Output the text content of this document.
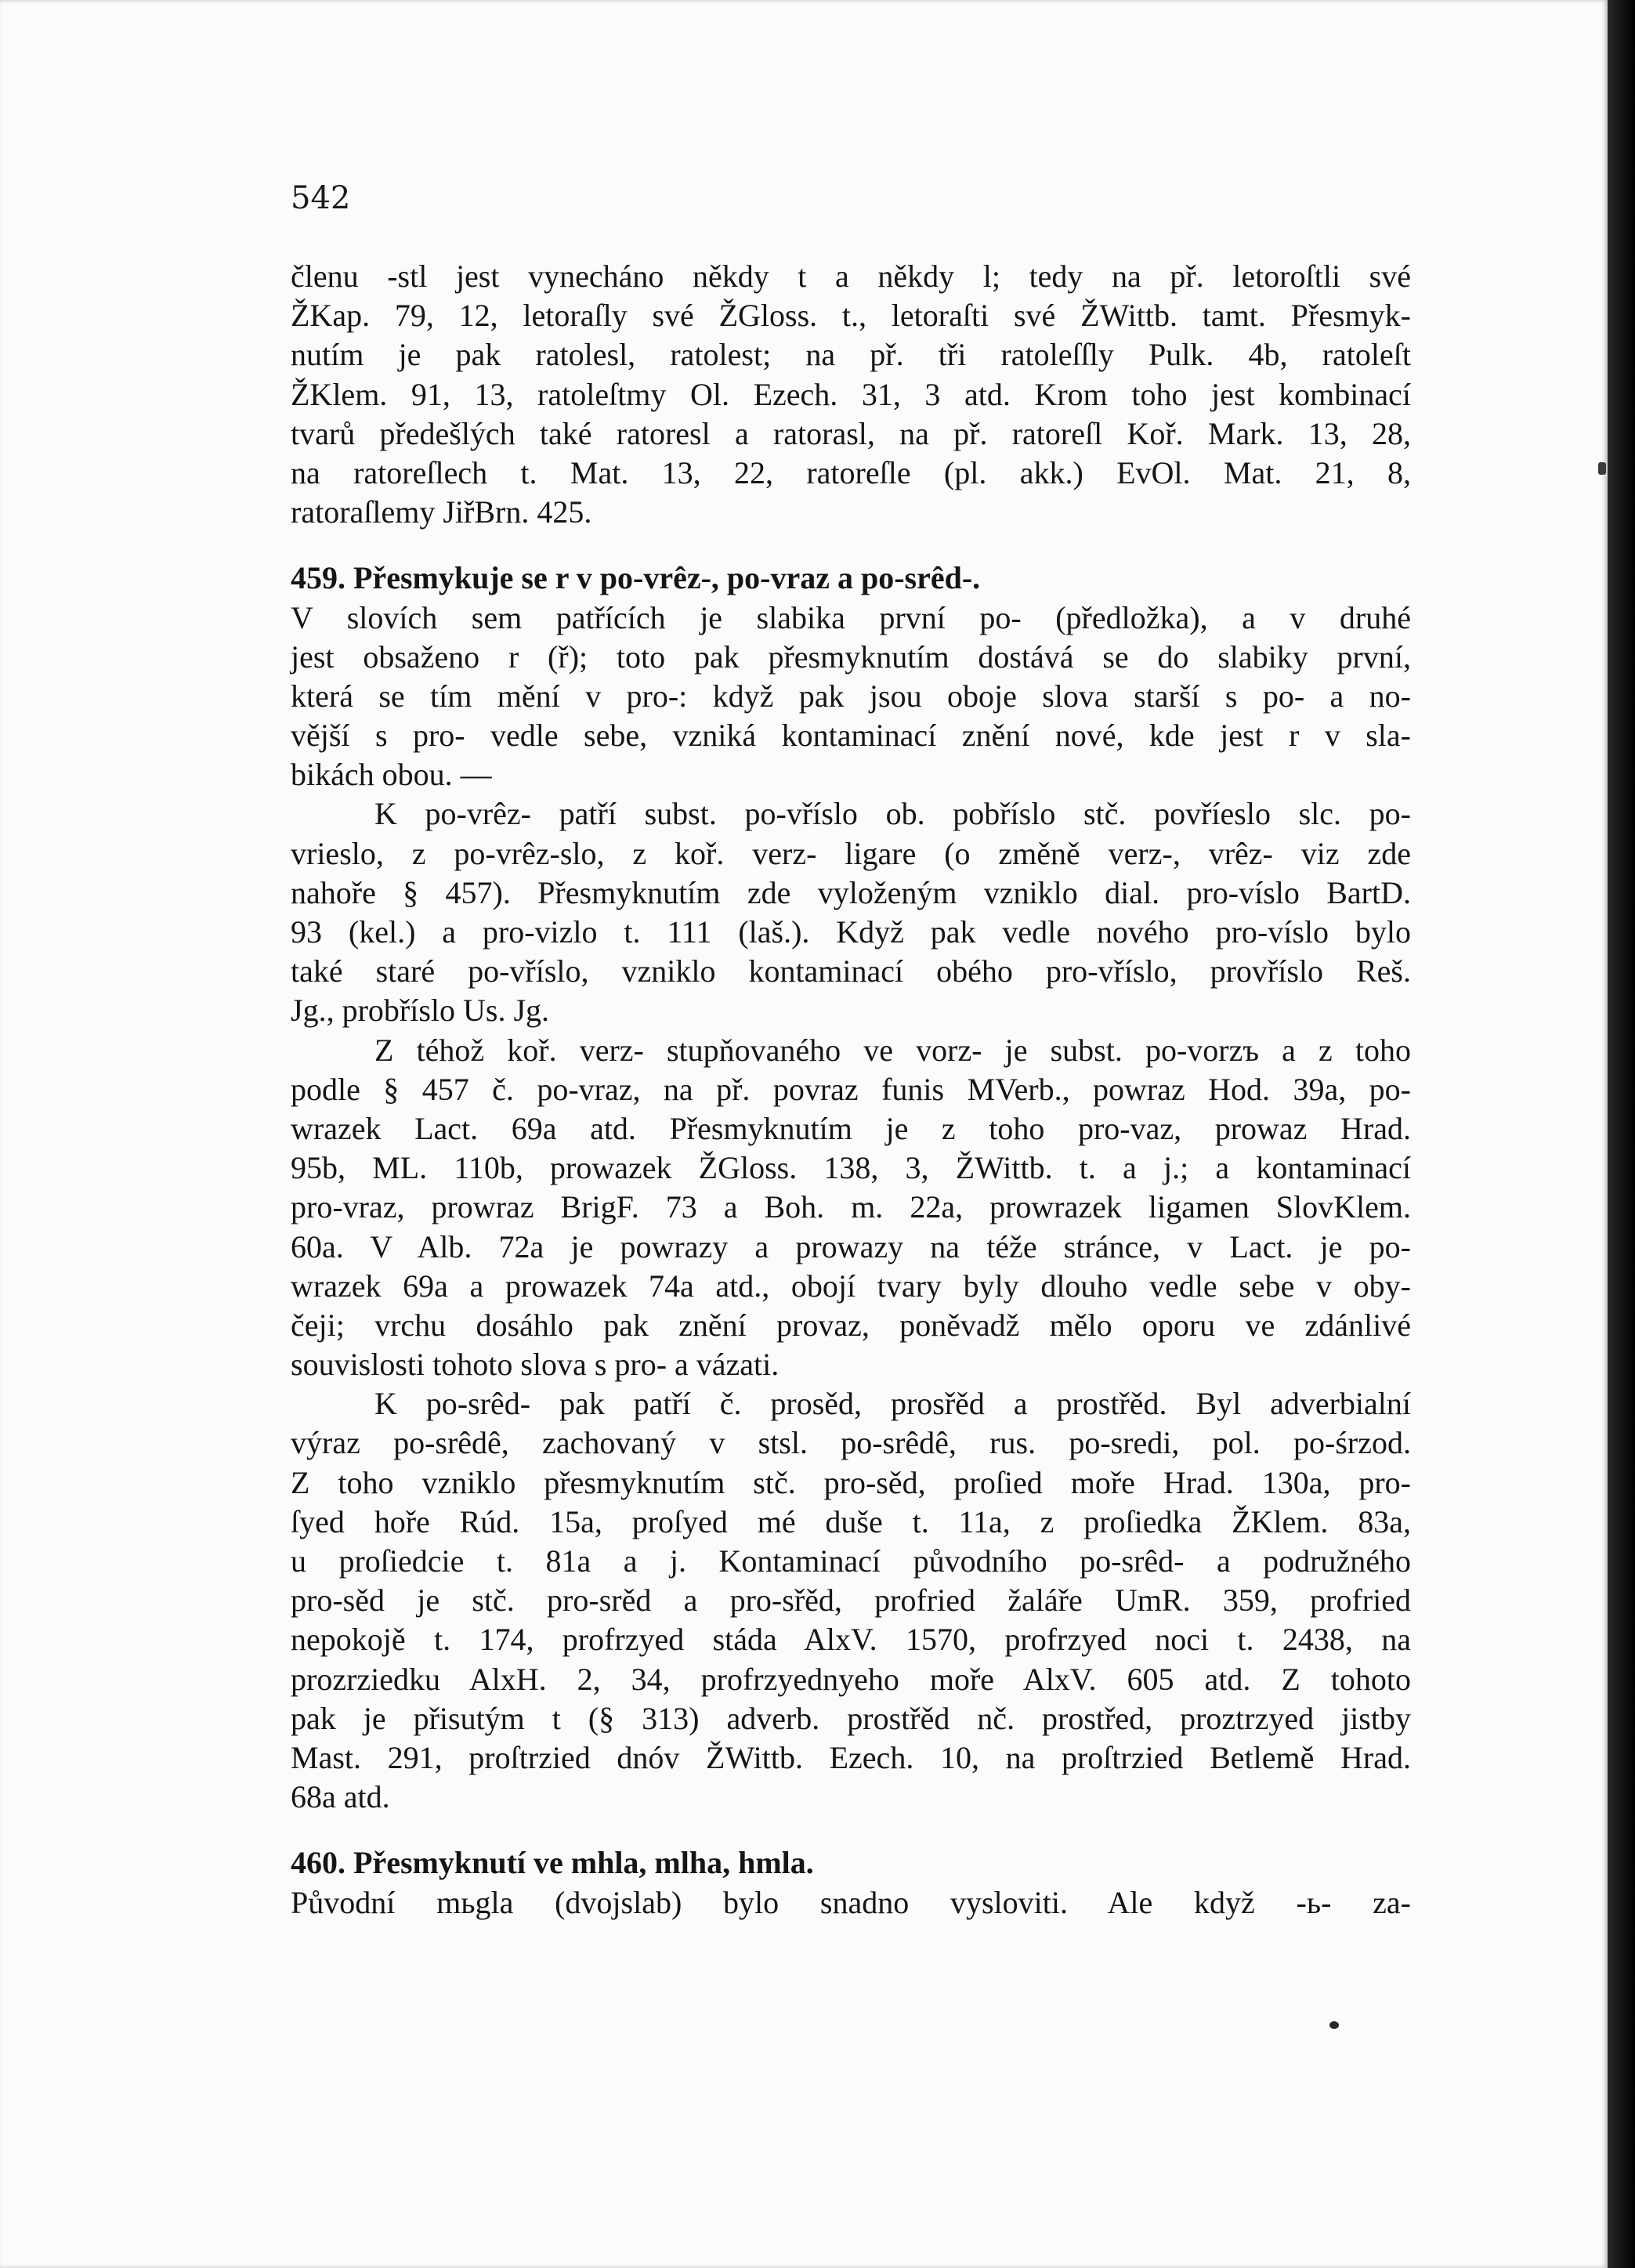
542
členu -stl jest vynecháno někdy t a někdy l; tedy na př. letoroſtli své
ŽKap. 79, 12, letoraſly své ŽGloss. t., letoraſti své ŽWittb. tamt. Přesmyk-
nutím je pak ratolesl, ratolest; na př. tři ratoleſſly Pulk. 4b, ratoleſt
ŽKlem. 91, 13, ratoleſtmy Ol. Ezech. 31, 3 atd. Krom toho jest kombinací
tvarů předešlých také ratoresl a ratorasl, na př. ratoreſl Koř. Mark. 13, 28,
na ratoreſlech t. Mat. 13, 22, ratoreſle (pl. akk.) EvOl. Mat. 21, 8,
ratoraſlemy JiřBrn. 425.
459. Přesmykuje se r v po-vrêz-, po-vraz a po-srêd-.
V slovích sem patřících je slabika první po- (předložka), a v druhé
jest obsaženo r (ř); toto pak přesmyknutím dostává se do slabiky první,
která se tím mění v pro-: když pak jsou oboje slova starší s po- a no-
vější s pro- vedle sebe, vzniká kontaminací znění nové, kde jest r v sla-
bikách obou. —
K po-vrêz- patří subst. po-vříslo ob. pobříslo stč. povříeslo slc. po-
vrieslo, z po-vrêz-slo, z koř. verz- ligare (o změně verz-, vrêz- viz zde
nahoře § 457). Přesmyknutím zde vyloženým vzniklo dial. pro-víslo BartD.
93 (kel.) a pro-vizlo t. 111 (laš.). Když pak vedle nového pro-víslo bylo
také staré po-vříslo, vzniklo kontaminací obého pro-vříslo, provříslo Reš.
Jg., probříslo Us. Jg.
Z téhož koř. verz- stupňovaného ve vorz- je subst. po-vorzъ a z toho
podle § 457 č. po-vraz, na př. povraz funis MVerb., powraz Hod. 39a, po-
wrazek Lact. 69a atd. Přesmyknutím je z toho pro-vaz, prowaz Hrad.
95b, ML. 110b, prowazek ŽGloss. 138, 3, ŽWittb. t. a j.; a kontaminací
pro-vraz, prowraz BrigF. 73 a Boh. m. 22a, prowrazek ligamen SlovKlem.
60a. V Alb. 72a je powrazy a prowazy na téže stránce, v Lact. je po-
wrazek 69a a prowazek 74a atd., obojí tvary byly dlouho vedle sebe v oby-
čeji; vrchu dosáhlo pak znění provaz, poněvadž mělo oporu ve zdánlivé
souvislosti tohoto slova s pro- a vázati.
K po-srêd- pak patří č. prosěd, prosřěd a prostřěd. Byl adverbialní
výraz po-srêdê, zachovaný v stsl. po-srêdê, rus. po-sredi, pol. po-śrzod.
Z toho vzniklo přesmyknutím stč. pro-sěd, proſied moře Hrad. 130a, pro-
ſyed hoře Rúd. 15a, proſyed mé duše t. 11a, z proſiedka ŽKlem. 83a,
u proſiedcie t. 81a a j. Kontaminací původního po-srêd- a podružného
pro-sěd je stč. pro-srěd a pro-sřěd, profried žaláře UmR. 359, profried
nepokojě t. 174, profrzyed stáda AlxV. 1570, profrzyed noci t. 2438, na
prozrziedku AlxH. 2, 34, profrzyednyeho moře AlxV. 605 atd. Z tohoto
pak je přisutým t (§ 313) adverb. prostřěd nč. prostřed, proztrzyed jistby
Mast. 291, proſtrzied dnóv ŽWittb. Ezech. 10, na proſtrzied Betlemě Hrad.
68a atd.
460. Přesmyknutí ve mhla, mlha, hmla.
Původní mьgla (dvojslab) bylo snadno vysloviti. Ale když -ь- za-
